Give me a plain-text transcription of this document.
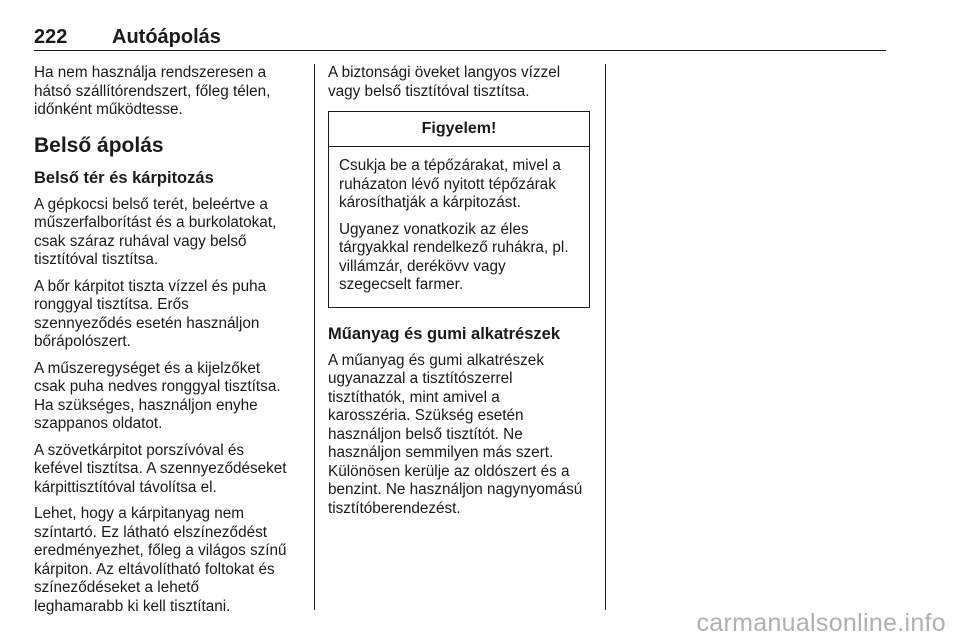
222 Autóápolás

Ha nem használja rendszeresen a
hátsó szállítórendszert, főleg télen,
időnként működtesse.

Belső ápolás
Belső tér és kárpitozás

A gépkocsi belső terét, beleértve a
műszerfalborítást és a burkolatokat,
csak száraz ruhával vagy belső
tisztítóval tisztítsa.

A bőr kárpitot tiszta vízzel és puha
ronggyal tisztítsa. Erős
szennyeződés esetén használjon
bőrápolószert.

A műszeregységet és a kijelzőket
csak puha nedves ronggyal tisztítsa.
Ha szükséges, használjon enyhe
szappanos oldatot.

A szövetkárpitot porszívóval és
kefével tisztítsa. A szennyeződéseket
kárpittisztítóval távolítsa el.

Lehet, hogy a kárpitanyag nem
színtartó. Ez látható elszíneződést
eredményezhet, főleg a világos színű
kárpiton. Az eltávolítható foltokat és
színeződéseket a lehető
leghamarabb ki kell tisztítani.

A biztonsági öveket langyos vízzel
vagy belső tisztítóval tisztítsa.

Figyelem!

Csukja be a tépőzárakat, mivel a
ruházaton lévő nyitott tépőzárak
károsíthatják a kárpitozást.

Ugyanez vonatkozik az éles
tárgyakkal rendelkező ruhákra, pl.
villámzár, derékövv vagy
szegecselt farmer.

Műanyag és gumi alkatrészek

A műanyag és gumi alkatrészek
ugyanazzal a tisztítószerrel
tisztíthatók, mint amivel a
karosszéria. Szükség esetén
használjon belső tisztítót. Ne
használjon semmilyen más szert.
Különösen kerülje az oldószert és a
benzint. Ne használjon nagynyomású
tisztítóberendezést.

carmanualsonline.info
